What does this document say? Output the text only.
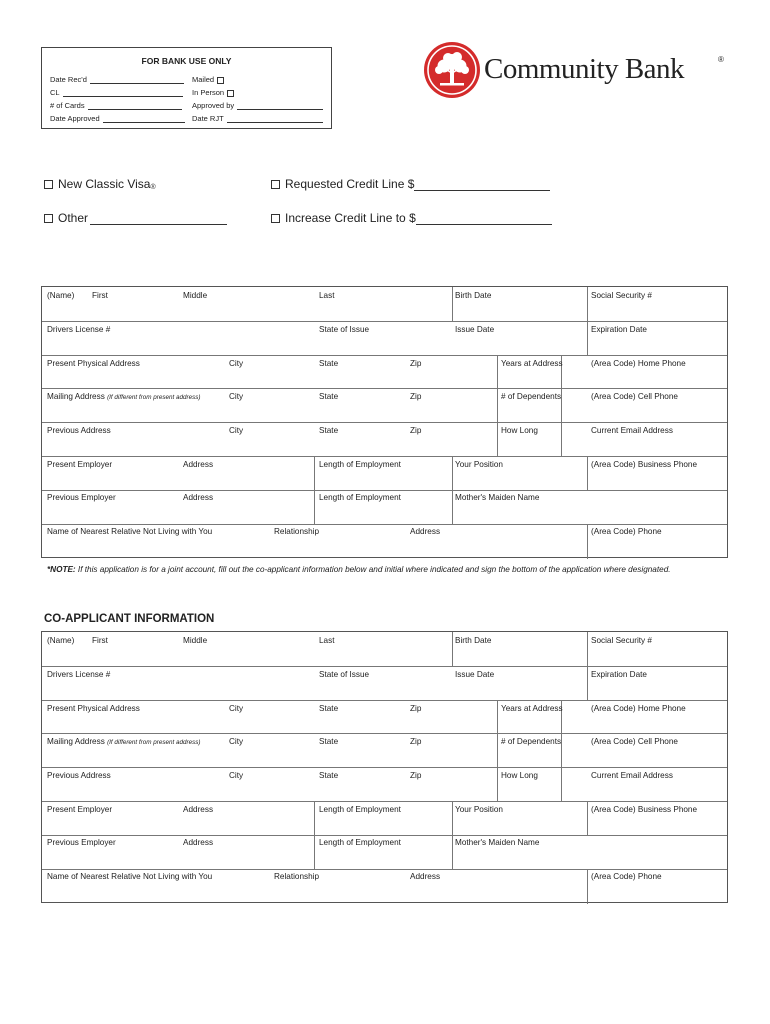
FOR BANK USE ONLY
Date Rec'd
CL
# of Cards
Date Approved
Mailed
In Person
Approved by
Date RJT
Community Bank	®
New Classic Visa$_®$
Other
Requested Credit Line $
Increase Credit Line to $
(Name) First	Middle	Last	Birth Date	Social Security #
Drivers License #	State of Issue	Issue Date	Expiration Date
Present Physical Address	City	State	Zip	Years at Address	(Area Code) Home Phone
Mailing Address (If different from present address)	City	State	Zip	# of Dependents	(Area Code) Cell Phone
Previous Address	City	State	Zip	How Long	Current Email Address
Present Employer	Address	Length of Employment	Your Position	(Area Code) Business Phone
Previous Employer	Address	Length of Employment	Mother's Maiden Name
Name of Nearest Relative Not Living with You	Relationship	Address	(Area Code) Phone
*NOTE: If this application is for a joint account, fill out the co-applicant information below and initial where indicated and sign the bottom of the application where designated.
CO-APPLICANT INFORMATION
(Name) First	Middle	Last	Birth Date	Social Security #
Drivers License #	State of Issue	Issue Date	Expiration Date
Present Physical Address	City	State	Zip	Years at Address	(Area Code) Home Phone
Mailing Address (If different from present address)	City	State	Zip	# of Dependents	(Area Code) Cell Phone
Previous Address	City	State	Zip	How Long	Current Email Address
Present Employer	Address	Length of Employment	Your Position	(Area Code) Business Phone
Previous Employer	Address	Length of Employment	Mother's Maiden Name
Name of Nearest Relative Not Living with You	Relationship	Address	(Area Code) Phone
